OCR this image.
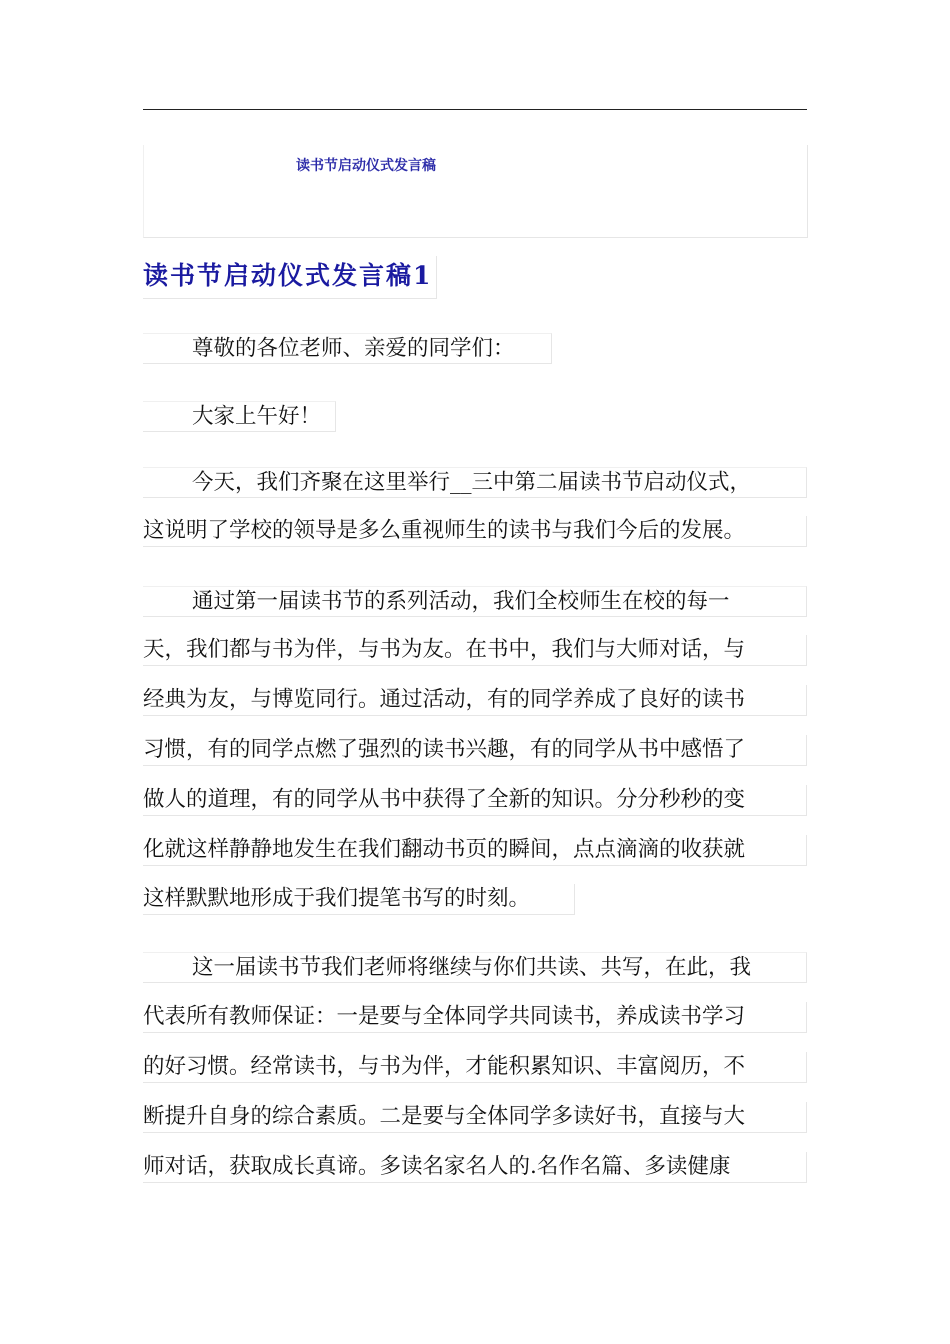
读书节启动仪式发言稿
读书节启动仪式发言稿1
尊敬的各位老师、亲爱的同学们：
大家上午好！
今天，我们齐聚在这里举行__三中第二届读书节启动仪式，
这说明了学校的领导是多么重视师生的读书与我们今后的发展。
通过第一届读书节的系列活动，我们全校师生在校的每一
天，我们都与书为伴，与书为友。在书中，我们与大师对话，与
经典为友，与博览同行。通过活动，有的同学养成了良好的读书
习惯，有的同学点燃了强烈的读书兴趣，有的同学从书中感悟了
做人的道理，有的同学从书中获得了全新的知识。分分秒秒的变
化就这样静静地发生在我们翻动书页的瞬间，点点滴滴的收获就
这样默默地形成于我们提笔书写的时刻。
这一届读书节我们老师将继续与你们共读、共写，在此，我
代表所有教师保证：一是要与全体同学共同读书，养成读书学习
的好习惯。经常读书，与书为伴，才能积累知识、丰富阅历，不
断提升自身的综合素质。二是要与全体同学多读好书，直接与大
师对话，获取成长真谛。多读名家名人的.名作名篇、多读健康
